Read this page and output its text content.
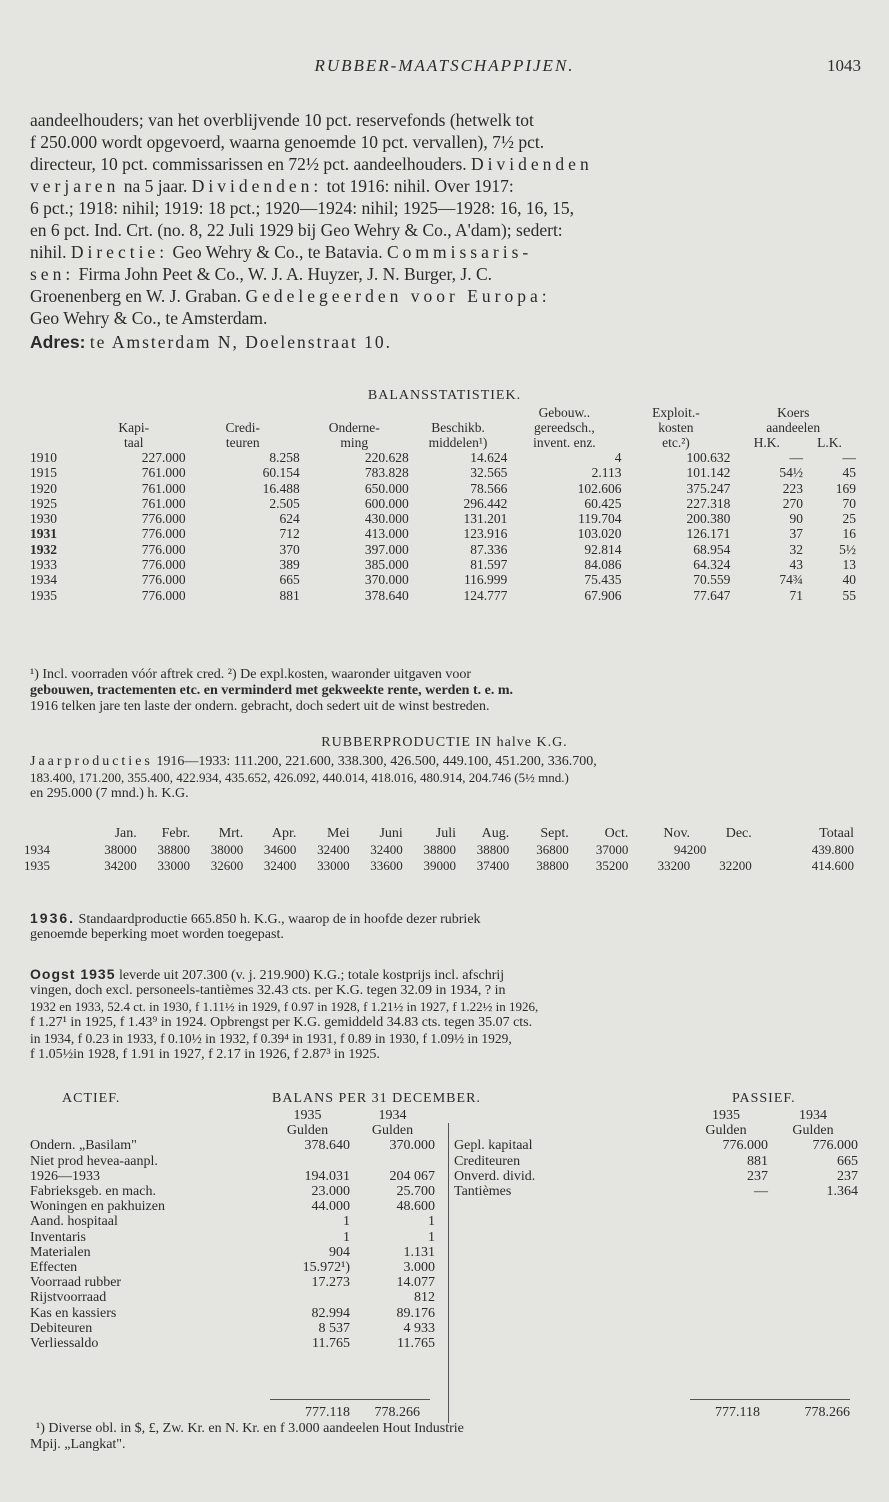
RUBBER-MAATSCHAPPIJEN.	1043

aandeelhouders; van het overblijvende 10 pct. reservefonds (hetwelk tot

f 250.000 wordt opgevoerd, waarna genoemde 10 pct. vervallen), 7½ pct.

directeur, 10 pct. commissarissen en 72½ pct. aandeelhouders. Dividenden

verjaren na 5 jaar. Dividenden: tot 1916: nihil. Over 1917:

6 pct.; 1918: nihil; 1919: 18 pct.; 1920—1924: nihil; 1925—1928: 16, 16, 15,

en 6 pct. Ind. Crt. (no. 8, 22 Juli 1929 bij Geo Wehry & Co., A'dam); sedert:

nihil. Directie: Geo Wehry & Co., te Batavia. Commissaris-

sen: Firma John Peet & Co., W. J. A. Huyzer, J. N. Burger, J. C.

Groenenberg en W. J. Graban. Gedelegeerden voor Europa:

Geo Wehry & Co., te Amsterdam.

Adres: te Amsterdam N, Doelenstraat 10.

BALANSSTATISTIEK.
					Gebouw..	Exploit.-	Koers	
	Kapi-	Credi-	Onderne-	Beschikb.	gereedsch.,	kosten	aandeelen	
	taal	teuren	ming	middelen¹)	invent. enz.	etc.²)	H.K.	L.K.
1910	227.000	8.258	220.628	14.624	4	100.632	—	—
1915	761.000	60.154	783.828	32.565	2.113	101.142	54½	45
1920	761.000	16.488	650.000	78.566	102.606	375.247	223	169
1925	761.000	2.505	600.000	296.442	60.425	227.318	270	70
1930	776.000	624	430.000	131.201	119.704	200.380	90	25
1931	776.000	712	413.000	123.916	103.020	126.171	37	16
1932	776.000	370	397.000	87.336	92.814	68.954	32	5½
1933	776.000	389	385.000	81.597	84.086	64.324	43	13
1934	776.000	665	370.000	116.999	75.435	70.559	74¾	40
1935	776.000	881	378.640	124.777	67.906	77.647	71	55

¹) Incl. voorraden vóór aftrek cred. ²) De expl.kosten, waaronder uitgaven voor

gebouwen, tractementen etc. en verminderd met gekweekte rente, werden t. e. m.

1916 telken jare ten laste der ondern. gebracht, doch sedert uit de winst bestreden.

RUBBERPRODUCTIE IN halve K.G.

Jaarproducties 1916—1933: 111.200, 221.600, 338.300, 426.500, 449.100, 451.200, 336.700,

183.400, 171.200, 355.400, 422.934, 435.652, 426.092, 440.014, 418.016, 480.914, 204.746 (5½ mnd.)

en 295.000 (7 mnd.) h. K.G.

	Jan.	Febr.	Mrt.	Apr.	Mei	Juni	Juli	Aug.	Sept.	Oct.	Nov.	Dec.	Totaal
1934	38000	38800	38000	34600	32400	32400	38800	38800	36800	37000	94200		439.800
1935	34200	33000	32600	32400	33000	33600	39000	37400	38800	35200	33200	32200	414.600

1936. Standaardproductie 665.850 h. K.G., waarop de in hoofde dezer rubriek

genoemde beperking moet worden toegepast.

Oogst 1935 leverde uit 207.300 (v. j. 219.900) K.G.; totale kostprijs incl. afschrij

vingen, doch excl. personeels-tantièmes 32.43 cts. per K.G. tegen 32.09 in 1934, ? in

1932 en 1933, 52.4 ct. in 1930, f 1.11½ in 1929, f 0.97 in 1928, f 1.21½ in 1927, f 1.22½ in 1926,

f 1.27¹ in 1925, f 1.43⁹ in 1924. Opbrengst per K.G. gemiddeld 34.83 cts. tegen 35.07 cts.

in 1934, f 0.23 in 1933, f 0.10½ in 1932, f 0.39⁴ in 1931, f 0.89 in 1930, f 1.09½ in 1929,

f 1.05½in 1928, f 1.91 in 1927, f 2.17 in 1926, f 2.87³ in 1925.

ACTIEF.	BALANS PER 31 DECEMBER.	PASSIEF.
	1935	1934
	Gulden	Gulden
Ondern. „Basilam"	378.640	370.000
Niet prod hevea-aanpl.		
1926—1933	194.031	204 067
Fabrieksgeb. en mach.	23.000	25.700
Woningen en pakhuizen	44.000	48.600
Aand. hospitaal	1	1
Inventaris	1	1
Materialen	904	1.131
Effecten	15.972¹)	3.000
Voorraad rubber	17.273	14.077
Rijstvoorraad		812
Kas en kassiers	82.994	89.176
Debiteuren	8 537	4 933
Verliessaldo	11.765	11.765
	1935	1934
	Gulden	Gulden
Gepl. kapitaal	776.000	776.000
Crediteuren	881	665
Onverd. divid.	237	237
Tantièmes	—	1.364
777.118	778.266	777.118	778.266

¹) Diverse obl. in $, £, Zw. Kr. en N. Kr. en f 3.000 aandeelen Hout Industrie

Mpij. „Langkat".
